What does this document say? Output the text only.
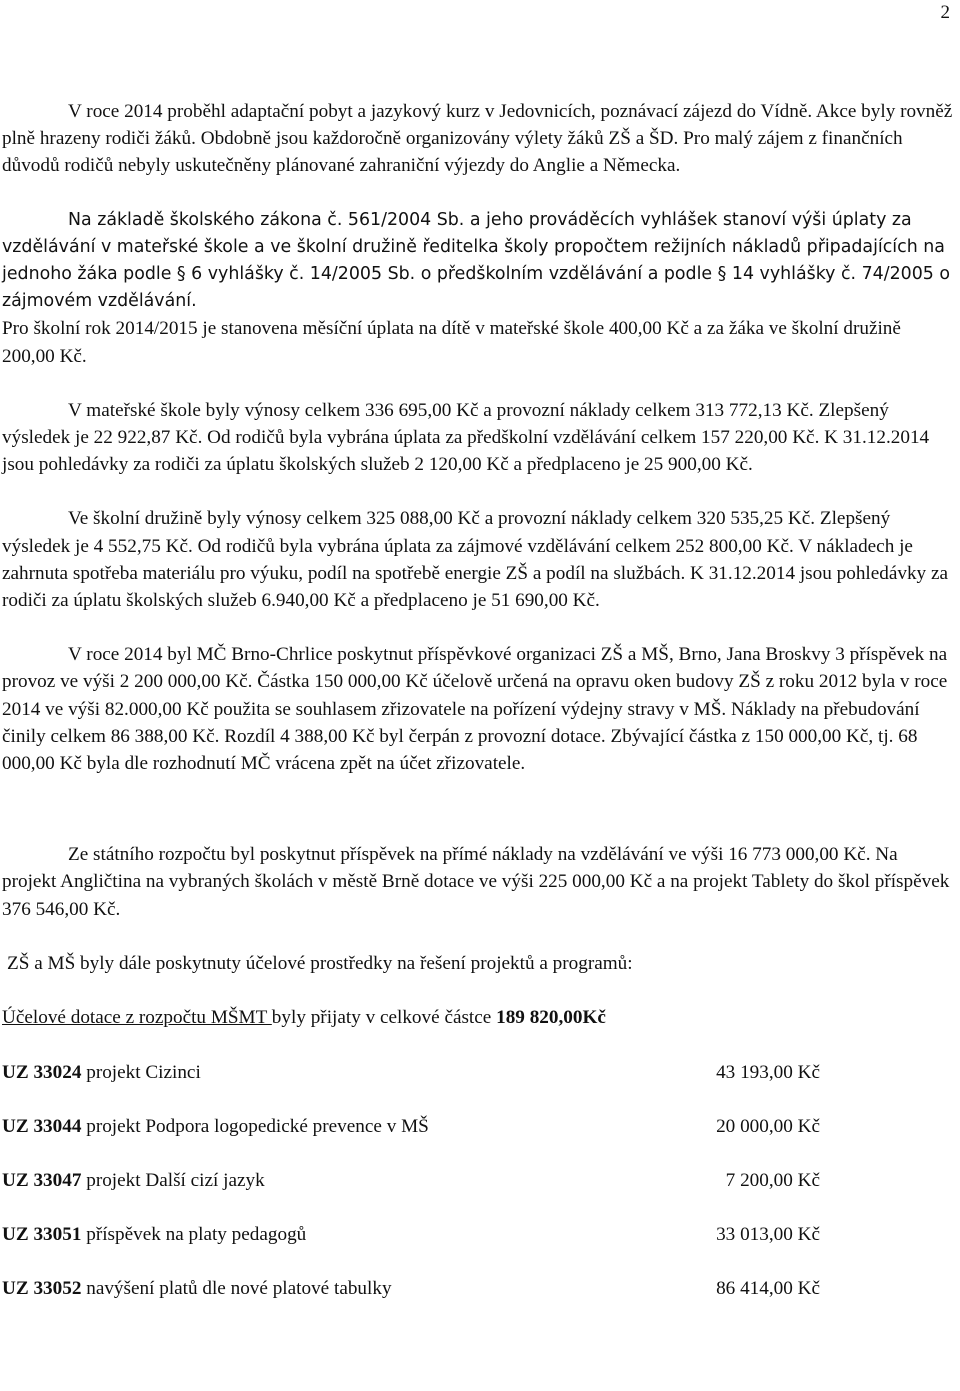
2

V roce 2014 proběhl adaptační pobyt a jazykový kurz v Jedovnicích, poznávací zájezd do Vídně. Akce byly rovněž plně hrazeny rodiči žáků. Obdobně jsou každoročně organizovány výlety žáků ZŠ a ŠD. Pro malý zájem z finančních důvodů rodičů nebyly uskutečněny plánované zahraniční výjezdy do Anglie a Německa.

Na základě školského zákona č. 561/2004 Sb. a jeho prováděcích vyhlášek stanoví výši úplaty za vzdělávání v mateřské škole a ve školní družině ředitelka školy propočtem režijních nákladů připadajících na jednoho žáka podle § 6 vyhlášky č. 14/2005 Sb. o předškolním vzdělávání a podle § 14 vyhlášky č. 74/2005 o zájmovém vzdělávání.

Pro školní rok 2014/2015 je stanovena měsíční úplata na dítě v mateřské škole 400,00 Kč a za žáka ve školní družině 200,00 Kč.

V mateřské škole byly výnosy celkem 336 695,00 Kč a provozní náklady celkem 313 772,13 Kč. Zlepšený výsledek je 22 922,87 Kč. Od rodičů byla vybrána úplata za předškolní vzdělávání celkem 157 220,00 Kč. K 31.12.2014 jsou pohledávky za rodiči za úplatu školských služeb 2 120,00 Kč a předplaceno je 25 900,00 Kč.

Ve školní družině byly výnosy celkem 325 088,00 Kč a provozní náklady celkem 320 535,25 Kč. Zlepšený výsledek je 4 552,75 Kč. Od rodičů byla vybrána úplata za zájmové vzdělávání celkem 252 800,00 Kč. V nákladech je zahrnuta spotřeba materiálu pro výuku, podíl na spotřebě energie ZŠ a podíl na službách. K 31.12.2014 jsou pohledávky za rodiči za úplatu školských služeb 6.940,00 Kč a předplaceno je 51 690,00 Kč.

V roce 2014 byl MČ Brno-Chrlice poskytnut příspěvkové organizaci ZŠ a MŠ, Brno, Jana Broskvy 3 příspěvek na provoz ve výši 2 200 000,00 Kč. Částka 150 000,00 Kč účelově určená na opravu oken budovy ZŠ z roku 2012 byla v roce 2014 ve výši 82.000,00 Kč použita se souhlasem zřizovatele na pořízení výdejny stravy v MŠ. Náklady na přebudování činily celkem 86 388,00 Kč. Rozdíl 4 388,00 Kč byl čerpán z provozní dotace. Zbývající částka z 150 000,00 Kč, tj. 68 000,00 Kč byla dle rozhodnutí MČ vrácena zpět na účet zřizovatele.

Ze státního rozpočtu byl poskytnut příspěvek na přímé náklady na vzdělávání ve výši 16 773 000,00 Kč. Na projekt Angličtina na vybraných školách v městě Brně dotace ve výši 225 000,00 Kč a na projekt Tablety do škol příspěvek 376 546,00 Kč.

ZŠ a MŠ byly dále poskytnuty účelové prostředky na řešení projektů a programů:

Účelové dotace z rozpočtu MŠMT byly přijaty v celkové částce 189 820,00Kč

UZ 33024 projekt Cizinci	43 193,00 Kč
UZ 33044 projekt Podpora logopedické prevence v MŠ	20 000,00 Kč
UZ 33047 projekt Další cizí jazyk	7 200,00 Kč
UZ 33051 příspěvek na platy pedagogů	33 013,00 Kč
UZ 33052 navýšení platů dle nové platové tabulky	86 414,00 Kč
